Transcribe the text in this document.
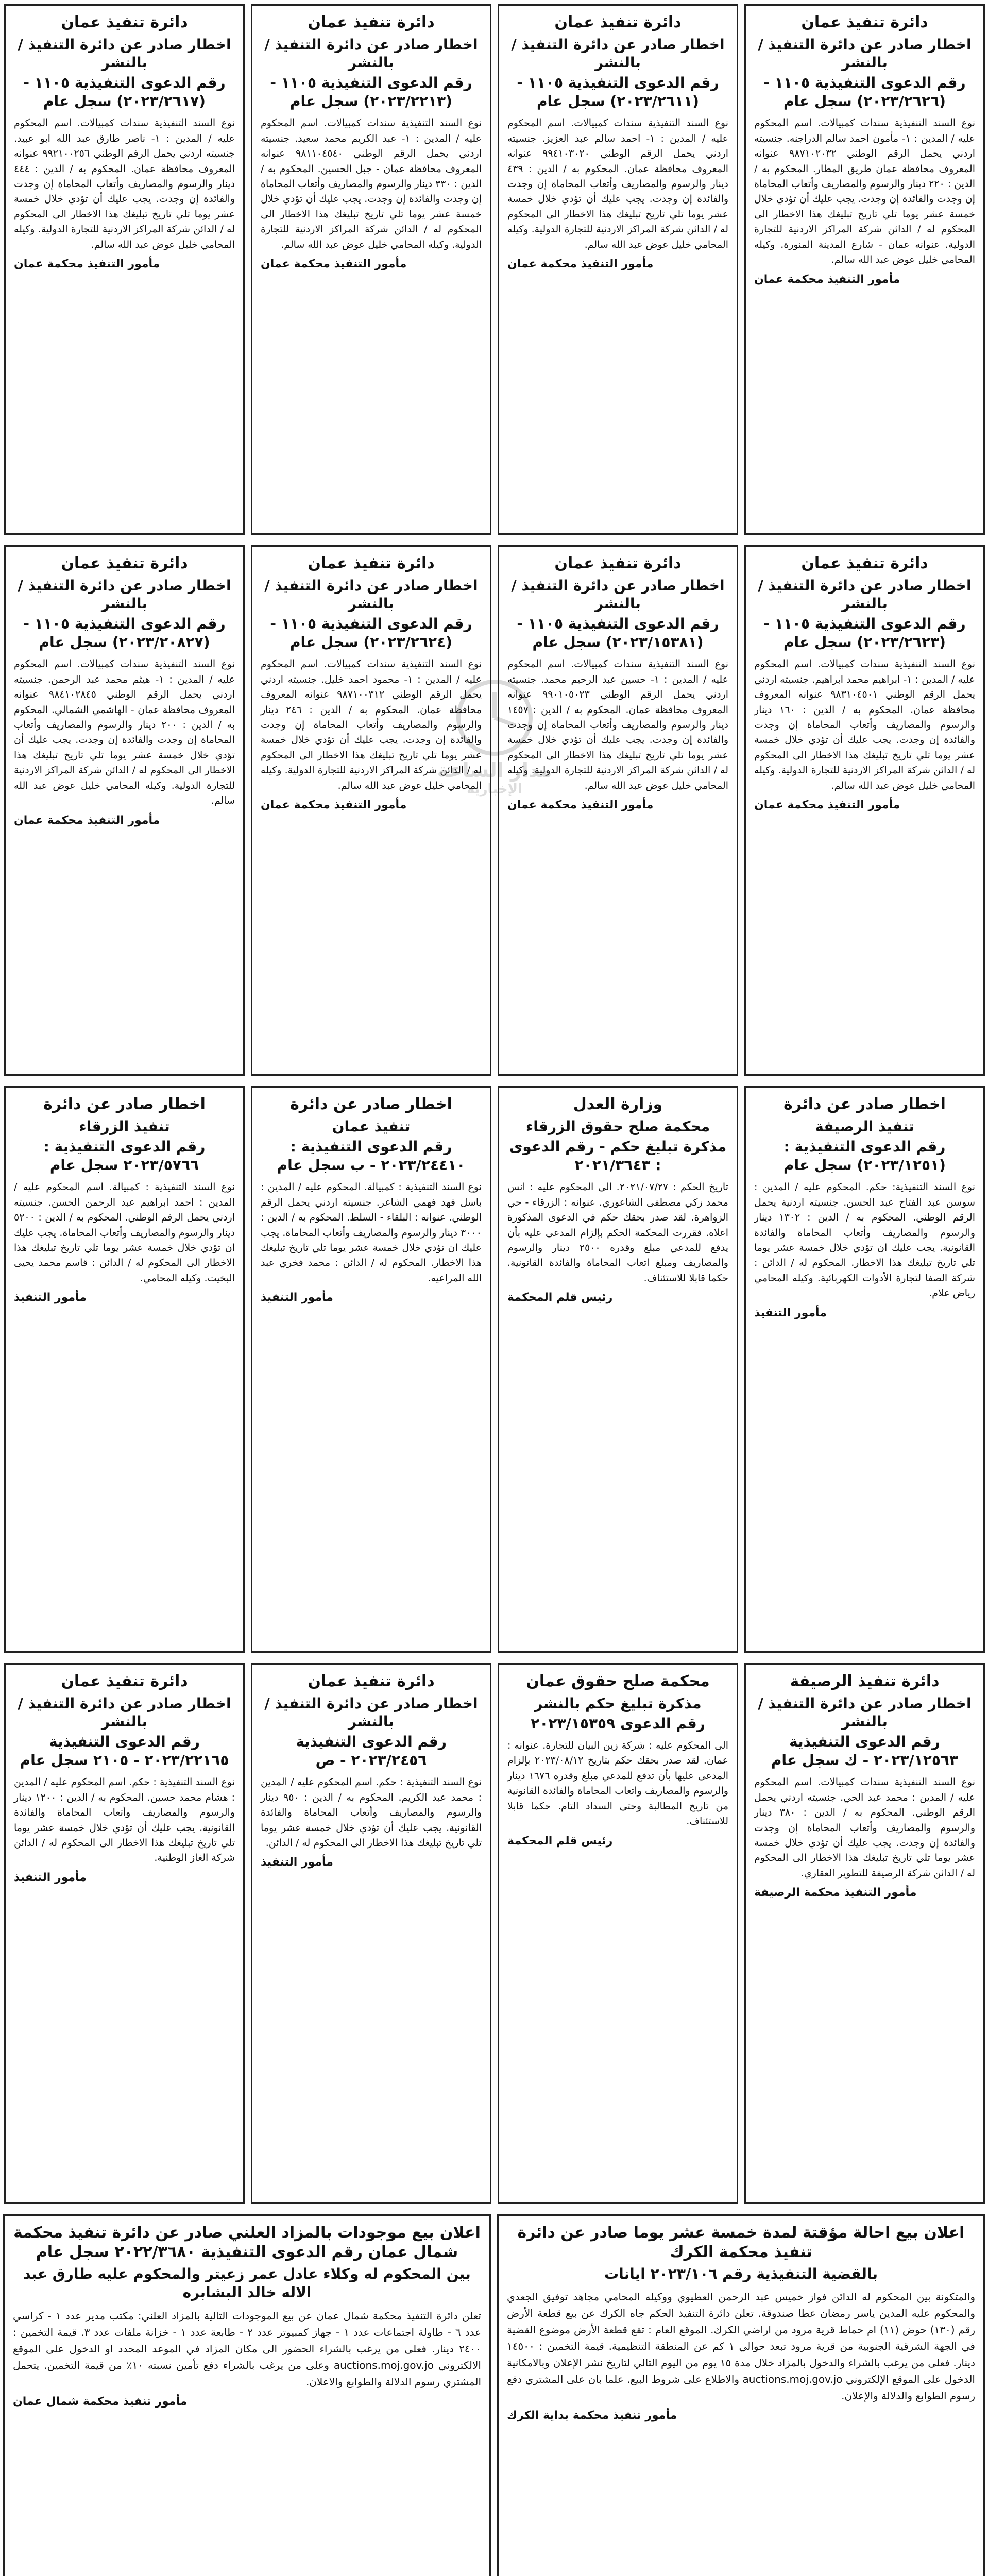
دائرة تنفيذ عمان
اخطار صادر عن دائرة التنفيذ / بالنشر
رقم الدعوى التنفيذية ١١٠٥ - (٢٠٢٣/٢٦٢٦) سجل عام
نوع السند التنفيذية سندات كمبيالات. اسم المحكوم عليه / المدين : ١- مأمون احمد سالم الدراجنه. جنسيته اردني يحمل الرقم الوطني ٩٨٧١٠٢٠٣٢ عنوانه المعروف محافظة عمان طريق المطار. المحكوم به / الدين : ٢٢٠ دينار والرسوم والمصاريف وأتعاب المحاماة إن وجدت والفائدة إن وجدت. يجب عليك أن تؤدي خلال خمسة عشر يوما تلي تاريخ تبليغك هذا الاخطار الى المحكوم له / الدائن شركة المراكز الاردنية للتجارة الدولية. عنوانه عمان - شارع المدينة المنورة. وكيله المحامي خليل عوض عبد الله سالم.
مأمور التنفيذ محكمة عمان
دائرة تنفيذ عمان
اخطار صادر عن دائرة التنفيذ / بالنشر
رقم الدعوى التنفيذية ١١٠٥ - (٢٠٢٣/٢٦١١) سجل عام
نوع السند التنفيذية سندات كمبيالات. اسم المحكوم عليه / المدين : ١- احمد سالم عبد العزيز. جنسيته اردني يحمل الرقم الوطني ٩٩٤١٠٣٠٢٠ عنوانه المعروف محافظة عمان. المحكوم به / الدين : ٤٣٩ دينار والرسوم والمصاريف وأتعاب المحاماة إن وجدت والفائدة إن وجدت. يجب عليك أن تؤدي خلال خمسة عشر يوما تلي تاريخ تبليغك هذا الاخطار الى المحكوم له / الدائن شركة المراكز الاردنية للتجارة الدولية. وكيله المحامي خليل عوض عبد الله سالم.
مأمور التنفيذ محكمة عمان
دائرة تنفيذ عمان
اخطار صادر عن دائرة التنفيذ / بالنشر
رقم الدعوى التنفيذية ١١٠٥ - (٢٠٢٣/٢٢١٣) سجل عام
نوع السند التنفيذية سندات كمبيالات. اسم المحكوم عليه / المدين : ١- عبد الكريم محمد سعيد. جنسيته اردني يحمل الرقم الوطني ٩٨١١٠٤٥٤٠ عنوانه المعروف محافظة عمان - جبل الحسين. المحكوم به / الدين : ٣٣٠ دينار والرسوم والمصاريف وأتعاب المحاماة إن وجدت والفائدة إن وجدت. يجب عليك أن تؤدي خلال خمسة عشر يوما تلي تاريخ تبليغك هذا الاخطار الى المحكوم له / الدائن شركة المراكز الاردنية للتجارة الدولية. وكيله المحامي خليل عوض عبد الله سالم.
مأمور التنفيذ محكمة عمان
دائرة تنفيذ عمان
اخطار صادر عن دائرة التنفيذ / بالنشر
رقم الدعوى التنفيذية ١١٠٥ - (٢٠٢٣/٢٦١٧) سجل عام
نوع السند التنفيذية سندات كمبيالات. اسم المحكوم عليه / المدين : ١- ناصر طارق عبد الله ابو عبيد. جنسيته اردني يحمل الرقم الوطني ٩٩٢١٠٠٢٥٦ عنوانه المعروف محافظة عمان. المحكوم به / الدين : ٤٤٤ دينار والرسوم والمصاريف وأتعاب المحاماة إن وجدت والفائدة إن وجدت. يجب عليك أن تؤدي خلال خمسة عشر يوما تلي تاريخ تبليغك هذا الاخطار الى المحكوم له / الدائن شركة المراكز الاردنية للتجارة الدولية. وكيله المحامي خليل عوض عبد الله سالم.
مأمور التنفيذ محكمة عمان
دائرة تنفيذ عمان
اخطار صادر عن دائرة التنفيذ / بالنشر
رقم الدعوى التنفيذية ١١٠٥ - (٢٠٢٣/٢٦٢٣) سجل عام
نوع السند التنفيذية سندات كمبيالات. اسم المحكوم عليه / المدين : ١- ابراهيم محمد ابراهيم. جنسيته اردني يحمل الرقم الوطني ٩٨٣١٠٤٥٠١ عنوانه المعروف محافظة عمان. المحكوم به / الدين : ١٦٠ دينار والرسوم والمصاريف وأتعاب المحاماة إن وجدت والفائدة إن وجدت. يجب عليك أن تؤدي خلال خمسة عشر يوما تلي تاريخ تبليغك هذا الاخطار الى المحكوم له / الدائن شركة المراكز الاردنية للتجارة الدولية. وكيله المحامي خليل عوض عبد الله سالم.
مأمور التنفيذ محكمة عمان
دائرة تنفيذ عمان
اخطار صادر عن دائرة التنفيذ / بالنشر
رقم الدعوى التنفيذية ١١٠٥ - (٢٠٢٣/١٥٣٨١) سجل عام
نوع السند التنفيذية سندات كمبيالات. اسم المحكوم عليه / المدين : ١- حسين عبد الرحيم محمد. جنسيته اردني يحمل الرقم الوطني ٩٩٠١٠٥٠٢٣ عنوانه المعروف محافظة عمان. المحكوم به / الدين : ١٤٥٧ دينار والرسوم والمصاريف وأتعاب المحاماة إن وجدت والفائدة إن وجدت. يجب عليك أن تؤدي خلال خمسة عشر يوما تلي تاريخ تبليغك هذا الاخطار الى المحكوم له / الدائن شركة المراكز الاردنية للتجارة الدولية. وكيله المحامي خليل عوض عبد الله سالم.
مأمور التنفيذ محكمة عمان
دائرة تنفيذ عمان
اخطار صادر عن دائرة التنفيذ / بالنشر
رقم الدعوى التنفيذية ١١٠٥ - (٢٠٢٣/٢٦٢٤) سجل عام
نوع السند التنفيذية سندات كمبيالات. اسم المحكوم عليه / المدين : ١- محمود احمد خليل. جنسيته اردني يحمل الرقم الوطني ٩٨٧١٠٠٣١٢ عنوانه المعروف محافظة عمان. المحكوم به / الدين : ٢٤٦ دينار والرسوم والمصاريف وأتعاب المحاماة إن وجدت والفائدة إن وجدت. يجب عليك أن تؤدي خلال خمسة عشر يوما تلي تاريخ تبليغك هذا الاخطار الى المحكوم له / الدائن شركة المراكز الاردنية للتجارة الدولية. وكيله المحامي خليل عوض عبد الله سالم.
مأمور التنفيذ محكمة عمان
دائرة تنفيذ عمان
اخطار صادر عن دائرة التنفيذ / بالنشر
رقم الدعوى التنفيذية ١١٠٥ - (٢٠٢٣/٢٠٨٢٧) سجل عام
نوع السند التنفيذية سندات كمبيالات. اسم المحكوم عليه / المدين : ١- هيثم محمد عبد الرحمن. جنسيته اردني يحمل الرقم الوطني ٩٨٤١٠٢٨٤٥ عنوانه المعروف محافظة عمان - الهاشمي الشمالي. المحكوم به / الدين : ٢٠٠ دينار والرسوم والمصاريف وأتعاب المحاماة إن وجدت والفائدة إن وجدت. يجب عليك أن تؤدي خلال خمسة عشر يوما تلي تاريخ تبليغك هذا الاخطار الى المحكوم له / الدائن شركة المراكز الاردنية للتجارة الدولية. وكيله المحامي خليل عوض عبد الله سالم.
مأمور التنفيذ محكمة عمان
اخطار صادر عن دائرة
تنفيذ الرصيفة
رقم الدعوى التنفيذية : (٢٠٢٣/١٢٥١) سجل عام
نوع السند التنفيذية: حكم. المحكوم عليه / المدين : سوسن عبد الفتاح عبد الحسن. جنسيته اردنية يحمل الرقم الوطني. المحكوم به / الدين : ١٣٠٢ دينار والرسوم والمصاريف وأتعاب المحاماة والفائدة القانونية. يجب عليك ان تؤدي خلال خمسة عشر يوما تلي تاريخ تبليغك هذا الاخطار. المحكوم له / الدائن : شركة الصفا لتجارة الأدوات الكهربائية. وكيله المحامي رياض علام.
مأمور التنفيذ
وزارة العدل
محكمة صلح حقوق الزرقاء
مذكرة تبليغ حكم - رقم الدعوى : ٢٠٢١/٣٦٤٣
تاريخ الحكم : ٢٠٢١/٠٧/٢٧. الى المحكوم عليه : انس محمد زكي مصطفى الشاعوري. عنوانه : الزرقاء - حي الزواهرة. لقد صدر بحقك حكم في الدعوى المذكورة اعلاه. فقررت المحكمة الحكم بإلزام المدعى عليه بأن يدفع للمدعي مبلغ وقدره ٢٥٠٠ دينار والرسوم والمصاريف ومبلغ اتعاب المحاماة والفائدة القانونية. حكما قابلا للاستئناف.
رئيس قلم المحكمة
اخطار صادر عن دائرة
تنفيذ عمان
رقم الدعوى التنفيذية : ٢٠٢٣/٢٤٤١٠ - ب سجل عام
نوع السند التنفيذية : كمبيالة. المحكوم عليه / المدين : باسل فهد فهمي الشاعر. جنسيته اردني يحمل الرقم الوطني. عنوانه : البلقاء - السلط. المحكوم به / الدين : ٣٠٠٠ دينار والرسوم والمصاريف وأتعاب المحاماة. يجب عليك ان تؤدي خلال خمسة عشر يوما تلي تاريخ تبليغك هذا الاخطار. المحكوم له / الدائن : محمد فخري عبد الله المراعيه.
مأمور التنفيذ
اخطار صادر عن دائرة
تنفيذ الزرقاء
رقم الدعوى التنفيذية : ٢٠٢٣/٥٧٦٦ سجل عام
نوع السند التنفيذية : كمبيالة. اسم المحكوم عليه / المدين : احمد ابراهيم عبد الرحمن الحسن. جنسيته اردني يحمل الرقم الوطني. المحكوم به / الدين : ٥٢٠٠ دينار والرسوم والمصاريف وأتعاب المحاماة. يجب عليك ان تؤدي خلال خمسة عشر يوما تلي تاريخ تبليغك هذا الاخطار الى المحكوم له / الدائن : قاسم محمد يحيى البخيت. وكيله المحامي.
مأمور التنفيذ
دائرة تنفيذ الرصيفة
اخطار صادر عن دائرة التنفيذ / بالنشر
رقم الدعوى التنفيذية ٢٠٢٣/١٢٥٦٣ - ك سجل عام
نوع السند التنفيذية سندات كمبيالات. اسم المحكوم عليه / المدين : محمد عبد الحي. جنسيته اردني يحمل الرقم الوطني. المحكوم به / الدين : ٣٨٠ دينار والرسوم والمصاريف وأتعاب المحاماة إن وجدت والفائدة إن وجدت. يجب عليك أن تؤدي خلال خمسة عشر يوما تلي تاريخ تبليغك هذا الاخطار الى المحكوم له / الدائن شركة الرصيفة للتطوير العقاري.
مأمور التنفيذ محكمة الرصيفة
محكمة صلح حقوق عمان
مذكرة تبليغ حكم بالنشر
رقم الدعوى ٢٠٢٣/١٥٣٥٩
الى المحكوم عليه : شركة زين البيان للتجارة. عنوانه : عمان. لقد صدر بحقك حكم بتاريخ ٢٠٢٣/٠٨/١٢ بإلزام المدعى عليها بأن تدفع للمدعي مبلغ وقدره ١٦٧٦ دينار والرسوم والمصاريف واتعاب المحاماة والفائدة القانونية من تاريخ المطالبة وحتى السداد التام. حكما قابلا للاستئناف.
رئيس قلم المحكمة
دائرة تنفيذ عمان
اخطار صادر عن دائرة التنفيذ / بالنشر
رقم الدعوى التنفيذية ٢٠٢٣/٢٤٥٦ - ص
نوع السند التنفيذية : حكم. اسم المحكوم عليه / المدين : محمد عبد الكريم. المحكوم به / الدين : ٩٥٠ دينار والرسوم والمصاريف وأتعاب المحاماة والفائدة القانونية. يجب عليك أن تؤدي خلال خمسة عشر يوما تلي تاريخ تبليغك هذا الاخطار الى المحكوم له / الدائن.
مأمور التنفيذ
دائرة تنفيذ عمان
اخطار صادر عن دائرة التنفيذ / بالنشر
رقم الدعوى التنفيذية ٢٠٢٣/٢٢١٦٥ - ٢١٠٥ سجل عام
نوع السند التنفيذية : حكم. اسم المحكوم عليه / المدين : هشام محمد حسين. المحكوم به / الدين : ١٢٠٠ دينار والرسوم والمصاريف وأتعاب المحاماة والفائدة القانونية. يجب عليك أن تؤدي خلال خمسة عشر يوما تلي تاريخ تبليغك هذا الاخطار الى المحكوم له / الدائن شركة الغاز الوطنية.
مأمور التنفيذ
اعلان بيع احالة مؤقتة لمدة خمسة عشر يوما صادر عن دائرة تنفيذ محكمة الكرك
بالقضية التنفيذية رقم ٢٠٢٣/١٠٦ ايانات
والمتكونة بين المحكوم له الدائن فواز خميس عبد الرحمن العطيوي ووكيله المحامي مجاهد توفيق الجعدي والمحكوم عليه المدين ياسر رمضان عطا صندوقة. تعلن دائرة التنفيذ الحكم جاه الكرك عن بيع قطعة الأرض رقم (١٣٠) حوض (١١) ام حماط قرية مرود من اراضي الكرك. الموقع العام : تقع قطعة الأرض موضوع القضية في الجهة الشرقية الجنوبية من قرية مرود تبعد حوالي ١ كم عن المنطقة التنظيمية. قيمة التخمين : ١٤٥٠٠ دينار. فعلى من يرغب بالشراء والدخول بالمزاد خلال مدة ١٥ يوم من اليوم التالي لتاريخ نشر الإعلان وبالامكانية الدخول على الموقع الإلكتروني auctions.moj.gov.jo والاطلاع على شروط البيع. علما بان على المشتري دفع رسوم الطوابع والدلالة والإعلان.
مأمور تنفيذ محكمة بداية الكرك
اعلان بيع موجودات بالمزاد العلني صادر عن دائرة تنفيذ محكمة شمال عمان رقم الدعوى التنفيذية ٢٠٢٢/٣٦٨٠ سجل عام
بين المحكوم له وكلاء عادل عمر زعيتر والمحكوم عليه طارق عبد الاله خالد البشابره
تعلن دائرة التنفيذ محكمة شمال عمان عن بيع الموجودات التالية بالمزاد العلني: مكتب مدير عدد ١ - كراسي عدد ٦ - طاولة اجتماعات عدد ١ - جهاز كمبيوتر عدد ٢ - طابعة عدد ١ - خزانة ملفات عدد ٣. قيمة التخمين : ٢٤٠٠ دينار. فعلى من يرغب بالشراء الحضور الى مكان المزاد في الموعد المحدد او الدخول على الموقع الالكتروني auctions.moj.gov.jo وعلى من يرغب بالشراء دفع تأمين نسبته ١٠٪ من قيمة التخمين. يتحمل المشتري رسوم الدلالة والطوابع والاعلان.
مأمور تنفيذ محكمة شمال عمان
مدار الساعة
الإخبارية
